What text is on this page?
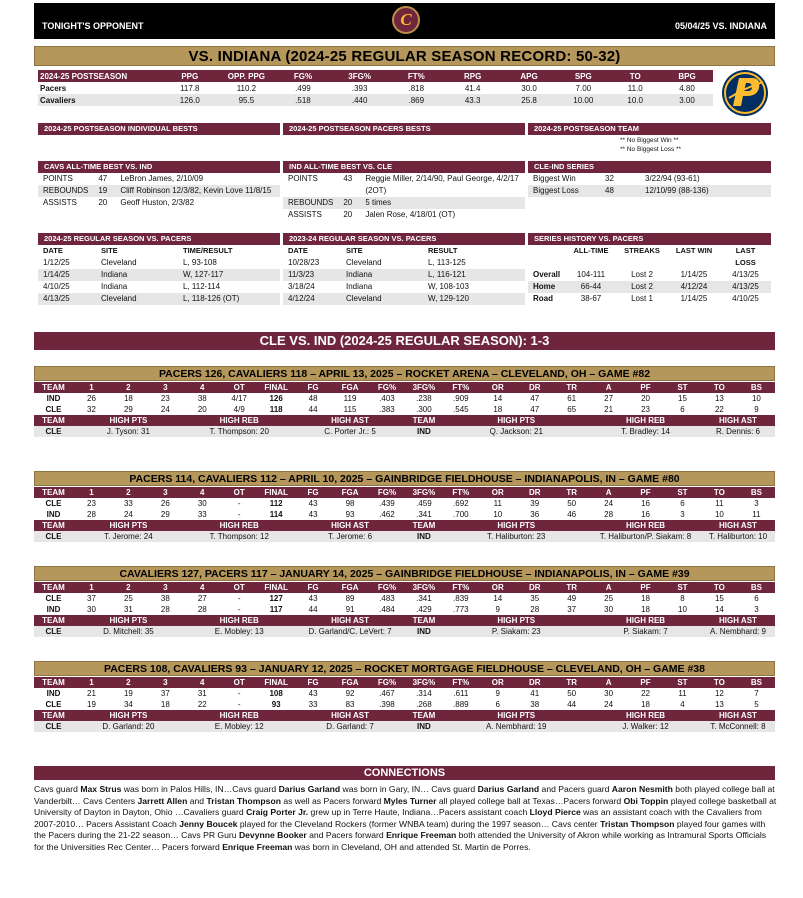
TONIGHT'S OPPONENT	C	05/04/25 VS. INDIANA
VS. INDIANA (2024-25 REGULAR SEASON RECORD: 50-32)
2024-25 POSTSEASON	PPG	OPP. PPG	FG%	3FG%	FT%	RPG	APG	SPG	TO	BPG
Pacers	117.8	110.2	.499	.393	.818	41.4	30.0	7.00	11.0	4.80
Cavaliers	126.0	95.5	.518	.440	.869	43.3	25.8	10.00	10.0	3.00
2024-25 POSTSEASON INDIVIDUAL BESTS	2024-25 POSTSEASON PACERS BESTS	2024-25 POSTSEASON TEAM
** No Biggest Win **
** No Biggest Loss **
CAVS ALL-TIME BEST VS. IND
POINTS	47	LeBron James, 2/10/09
REBOUNDS	19	Cliff Robinson 12/3/82, Kevin Love 11/8/15
ASSISTS	20	Geoff Huston, 2/3/82
IND ALL-TIME BEST VS. CLE
POINTS	43	Reggie Miller, 2/14/90, Paul George, 4/2/17 (2OT)
REBOUNDS	20	5 times
ASSISTS	20	Jalen Rose, 4/18/01 (OT)
CLE-IND SERIES
Biggest Win	32	3/22/94 (93-61)
Biggest Loss	48	12/10/99 (88-136)
2024-25 REGULAR SEASON VS. PACERS
DATE	SITE	TIME/RESULT
1/12/25	Cleveland	L, 93-108
1/14/25	Indiana	W, 127-117
4/10/25	Indiana	L, 112-114
4/13/25	Cleveland	L, 118-126 (OT)
2023-24 REGULAR SEASON VS. PACERS
DATE	SITE	RESULT
10/28/23	Cleveland	L, 113-125
11/3/23	Indiana	L, 116-121
3/18/24	Indiana	W, 108-103
4/12/24	Cleveland	W, 129-120
SERIES HISTORY VS. PACERS
	ALL-TIME	STREAKS	LAST WIN	LAST LOSS
Overall	104-111	Lost 2	1/14/25	4/13/25
Home	66-44	Lost 2	4/12/24	4/13/25
Road	38-67	Lost 1	1/14/25	4/10/25
CLE VS. IND (2024-25 REGULAR SEASON): 1-3
PACERS 126, CAVALIERS 118 – APRIL 13, 2025 – ROCKET ARENA – CLEVELAND, OH – GAME #82
TEAM	1	2	3	4	OT	FINAL	FG	FGA	FG%	3FG%	FT%	OR	DR	TR	A	PF	ST	TO	BS
IND	26	18	23	38	4/17	126	48	119	.403	.238	.909	14	47	61	27	20	15	13	10
CLE	32	29	24	20	4/9	118	44	115	.383	.300	.545	18	47	65	21	23	6	22	9
TEAM	HIGH PTS			HIGH REB			HIGH AST			TEAM	HIGH PTS				HIGH REB			HIGH AST	
CLE	J. Tyson: 31			T. Thompson: 20			C. Porter Jr.: 5			IND	Q. Jackson: 21				T. Bradley: 14			R. Dennis: 6	
PACERS 114, CAVALIERS 112 – APRIL 10, 2025 – GAINBRIDGE FIELDHOUSE – INDIANAPOLIS, IN – GAME #80
TEAM	1	2	3	4	OT	FINAL	FG	FGA	FG%	3FG%	FT%	OR	DR	TR	A	PF	ST	TO	BS
CLE	23	33	26	30	-	112	43	98	.439	.459	.692	11	39	50	24	16	6	11	3
IND	28	24	29	33	-	114	43	93	.462	.341	.700	10	36	46	28	16	3	10	11
TEAM	HIGH PTS			HIGH REB			HIGH AST			TEAM	HIGH PTS				HIGH REB			HIGH AST	
CLE	T. Jerome: 24			T. Thompson: 12			T. Jerome: 6			IND	T. Haliburton: 23				T. Haliburton/P. Siakam: 8			T. Haliburton: 10	
CAVALIERS 127, PACERS 117 – JANUARY 14, 2025 – GAINBRIDGE FIELDHOUSE – INDIANAPOLIS, IN – GAME #39
TEAM	1	2	3	4	OT	FINAL	FG	FGA	FG%	3FG%	FT%	OR	DR	TR	A	PF	ST	TO	BS
CLE	37	25	38	27	-	127	43	89	.483	.341	.839	14	35	49	25	18	8	15	6
IND	30	31	28	28	-	117	44	91	.484	.429	.773	9	28	37	30	18	10	14	3
TEAM	HIGH PTS			HIGH REB			HIGH AST			TEAM	HIGH PTS				HIGH REB			HIGH AST	
CLE	D. Mitchell: 35			E. Mobley: 13			D. Garland/C. LeVert: 7			IND	P. Siakam: 23				P. Siakam: 7			A. Nembhard: 9	
PACERS 108, CAVALIERS 93 – JANUARY 12, 2025 – ROCKET MORTGAGE FIELDHOUSE – CLEVELAND, OH – GAME #38
TEAM	1	2	3	4	OT	FINAL	FG	FGA	FG%	3FG%	FT%	OR	DR	TR	A	PF	ST	TO	BS
IND	21	19	37	31	-	108	43	92	.467	.314	.611	9	41	50	30	22	11	12	7
CLE	19	34	18	22	-	93	33	83	.398	.268	.889	6	38	44	24	18	4	13	5
TEAM	HIGH PTS			HIGH REB			HIGH AST			TEAM	HIGH PTS				HIGH REB			HIGH AST	
CLE	D. Garland: 20			E. Mobley: 12			D. Garland: 7			IND	A. Nembhard: 19				J. Walker: 12			T. McConnell: 8	
CONNECTIONS
Cavs guard Max Strus was born in Palos Hills, IN…Cavs guard Darius Garland was born in Gary, IN… Cavs guard Darius Garland and Pacers guard Aaron Nesmith both played college ball at Vanderbilt… Cavs Centers Jarrett Allen and Tristan Thompson as well as Pacers forward Myles Turner all played college ball at Texas…Pacers forward Obi Toppin played college basketball at University of Dayton in Dayton, Ohio …Cavaliers guard Craig Porter Jr. grew up in Terre Haute, Indiana…Pacers assistant coach Lloyd Pierce was an assistant coach with the Cavaliers from 2007-2010… Pacers Assistant Coach Jenny Boucek played for the Cleveland Rockers (former WNBA team) during the 1997 season… Cavs center Tristan Thompson played four games with the Pacers during the 21-22 season… Cavs PR Guru Devynne Booker and Pacers forward Enrique Freeman both attended the University of Akron while working as Intramural Sports Officials for the Universities Rec Center… Pacers forward Enrique Freeman was born in Cleveland, OH and attended St. Martin de Porres.
